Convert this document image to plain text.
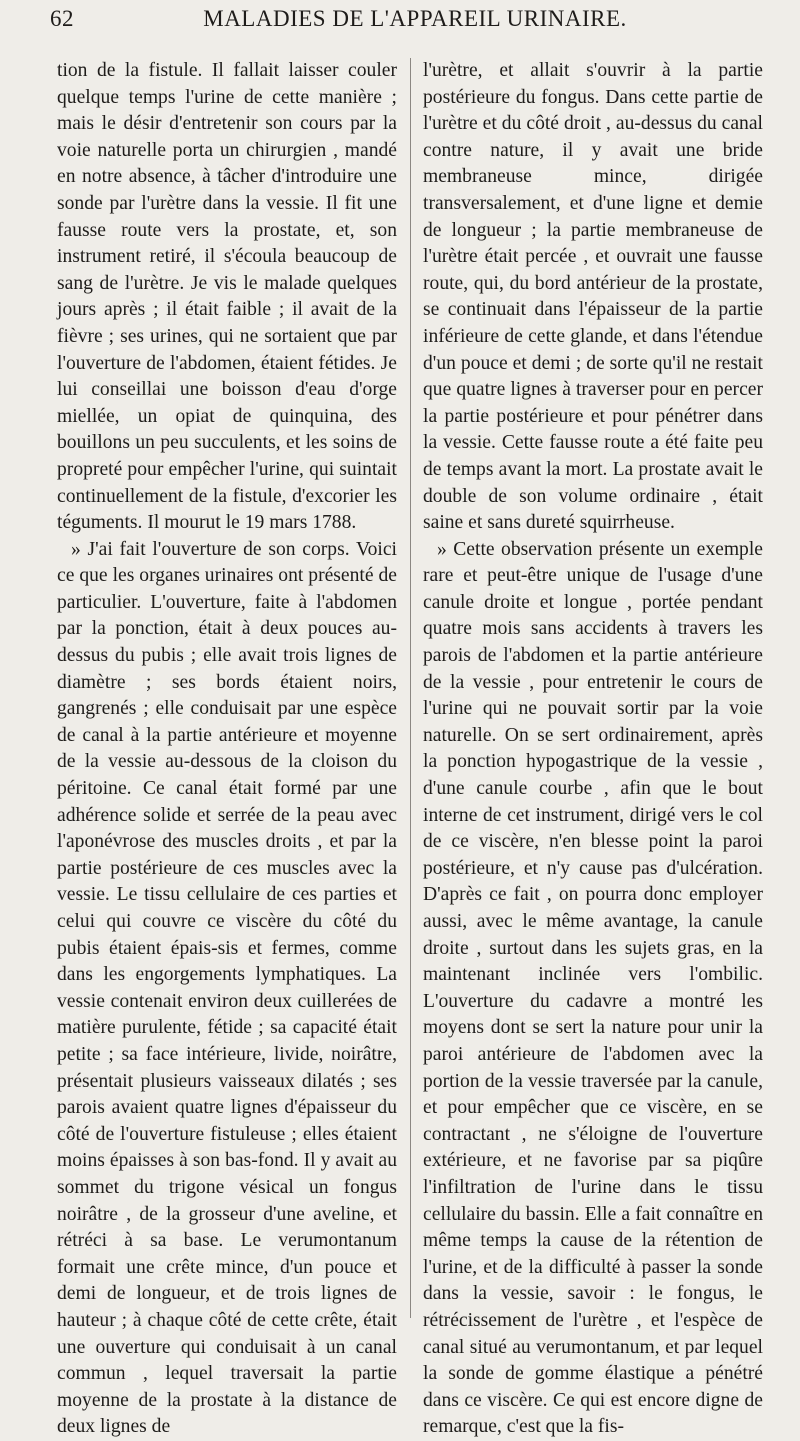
62	MALADIES DE L'APPAREIL URINAIRE.

tion de la fistule. Il fallait laisser couler quelque temps l'urine de cette manière ; mais le désir d'entretenir son cours par la voie naturelle porta un chirurgien , mandé en notre absence, à tâcher d'introduire une sonde par l'urètre dans la vessie. Il fit une fausse route vers la prostate, et, son instrument retiré, il s'écoula beaucoup de sang de l'urètre. Je vis le malade quelques jours après ; il était faible ; il avait de la fièvre ; ses urines, qui ne sortaient que par l'ouverture de l'abdomen, étaient fétides. Je lui conseillai une boisson d'eau d'orge miellée, un opiat de quinquina, des bouillons un peu succulents, et les soins de propreté pour empêcher l'urine, qui suintait continuellement de la fistule, d'excorier les téguments. Il mourut le 19 mars 1788.

» J'ai fait l'ouverture de son corps. Voici ce que les organes urinaires ont présenté de particulier. L'ouverture, faite à l'abdomen par la ponction, était à deux pouces au-dessus du pubis ; elle avait trois lignes de diamètre ; ses bords étaient noirs, gangrenés ; elle conduisait par une espèce de canal à la partie antérieure et moyenne de la vessie au-dessous de la cloison du péritoine. Ce canal était formé par une adhérence solide et serrée de la peau avec l'aponévrose des muscles droits , et par la partie postérieure de ces muscles avec la vessie. Le tissu cellulaire de ces parties et celui qui couvre ce viscère du côté du pubis étaient épais-sis et fermes, comme dans les engorgements lymphatiques. La vessie contenait environ deux cuillerées de matière purulente, fétide ; sa capacité était petite ; sa face intérieure, livide, noirâtre, présentait plusieurs vaisseaux dilatés ; ses parois avaient quatre lignes d'épaisseur du côté de l'ouverture fistuleuse ; elles étaient moins épaisses à son bas-fond. Il y avait au sommet du trigone vésical un fongus noirâtre , de la grosseur d'une aveline, et rétréci à sa base. Le verumontanum formait une crête mince, d'un pouce et demi de longueur, et de trois lignes de hauteur ; à chaque côté de cette crête, était une ouverture qui conduisait à un canal commun , lequel traversait la partie moyenne de la prostate à la distance de deux lignes de

l'urètre, et allait s'ouvrir à la partie postérieure du fongus. Dans cette partie de l'urètre et du côté droit , au-dessus du canal contre nature, il y avait une bride membraneuse mince, dirigée transversalement, et d'une ligne et demie de longueur ; la partie membraneuse de l'urètre était percée , et ouvrait une fausse route, qui, du bord antérieur de la prostate, se continuait dans l'épaisseur de la partie inférieure de cette glande, et dans l'étendue d'un pouce et demi ; de sorte qu'il ne restait que quatre lignes à traverser pour en percer la partie postérieure et pour pénétrer dans la vessie. Cette fausse route a été faite peu de temps avant la mort. La prostate avait le double de son volume ordinaire , était saine et sans dureté squirrheuse.

» Cette observation présente un exemple rare et peut-être unique de l'usage d'une canule droite et longue , portée pendant quatre mois sans accidents à travers les parois de l'abdomen et la partie antérieure de la vessie , pour entretenir le cours de l'urine qui ne pouvait sortir par la voie naturelle. On se sert ordinairement, après la ponction hypogastrique de la vessie , d'une canule courbe , afin que le bout interne de cet instrument, dirigé vers le col de ce viscère, n'en blesse point la paroi postérieure, et n'y cause pas d'ulcération. D'après ce fait , on pourra donc employer aussi, avec le même avantage, la canule droite , surtout dans les sujets gras, en la maintenant inclinée vers l'ombilic. L'ouverture du cadavre a montré les moyens dont se sert la nature pour unir la paroi antérieure de l'abdomen avec la portion de la vessie traversée par la canule, et pour empêcher que ce viscère, en se contractant , ne s'éloigne de l'ouverture extérieure, et ne favorise par sa piqûre l'infiltration de l'urine dans le tissu cellulaire du bassin. Elle a fait connaître en même temps la cause de la rétention de l'urine, et de la difficulté à passer la sonde dans la vessie, savoir : le fongus, le rétrécissement de l'urètre , et l'espèce de canal situé au verumontanum, et par lequel la sonde de gomme élastique a pénétré dans ce viscère. Ce qui est encore digne de remarque, c'est que la fis-
